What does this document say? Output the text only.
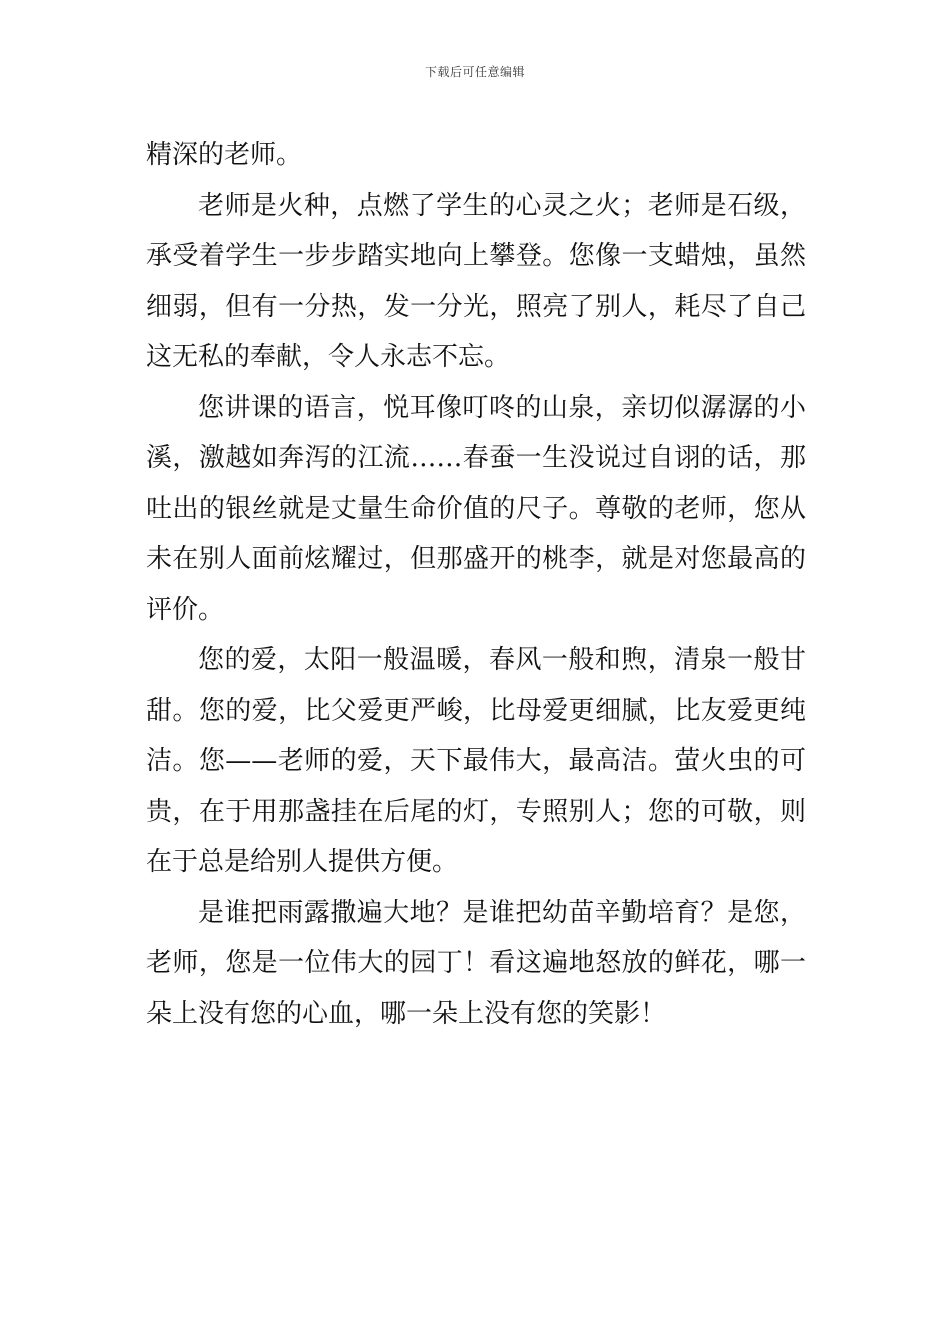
下载后可任意编辑
精深的老师。
老师是火种，点燃了学生的心灵之火；老师是石级，
承受着学生一步步踏实地向上攀登。您像一支蜡烛，虽然
细弱，但有一分热，发一分光，照亮了别人，耗尽了自己
这无私的奉献，令人永志不忘。
您讲课的语言，悦耳像叮咚的山泉，亲切似潺潺的小
溪，激越如奔泻的江流……春蚕一生没说过自诩的话，那
吐出的银丝就是丈量生命价值的尺子。尊敬的老师，您从
未在别人面前炫耀过，但那盛开的桃李，就是对您最高的
评价。
您的爱，太阳一般温暖，春风一般和煦，清泉一般甘
甜。您的爱，比父爱更严峻，比母爱更细腻，比友爱更纯
洁。您——老师的爱，天下最伟大，最高洁。萤火虫的可
贵，在于用那盏挂在后尾的灯，专照别人；您的可敬，则
在于总是给别人提供方便。
是谁把雨露撒遍大地？是谁把幼苗辛勤培育？是您，
老师，您是一位伟大的园丁！看这遍地怒放的鲜花，哪一
朵上没有您的心血，哪一朵上没有您的笑影！
